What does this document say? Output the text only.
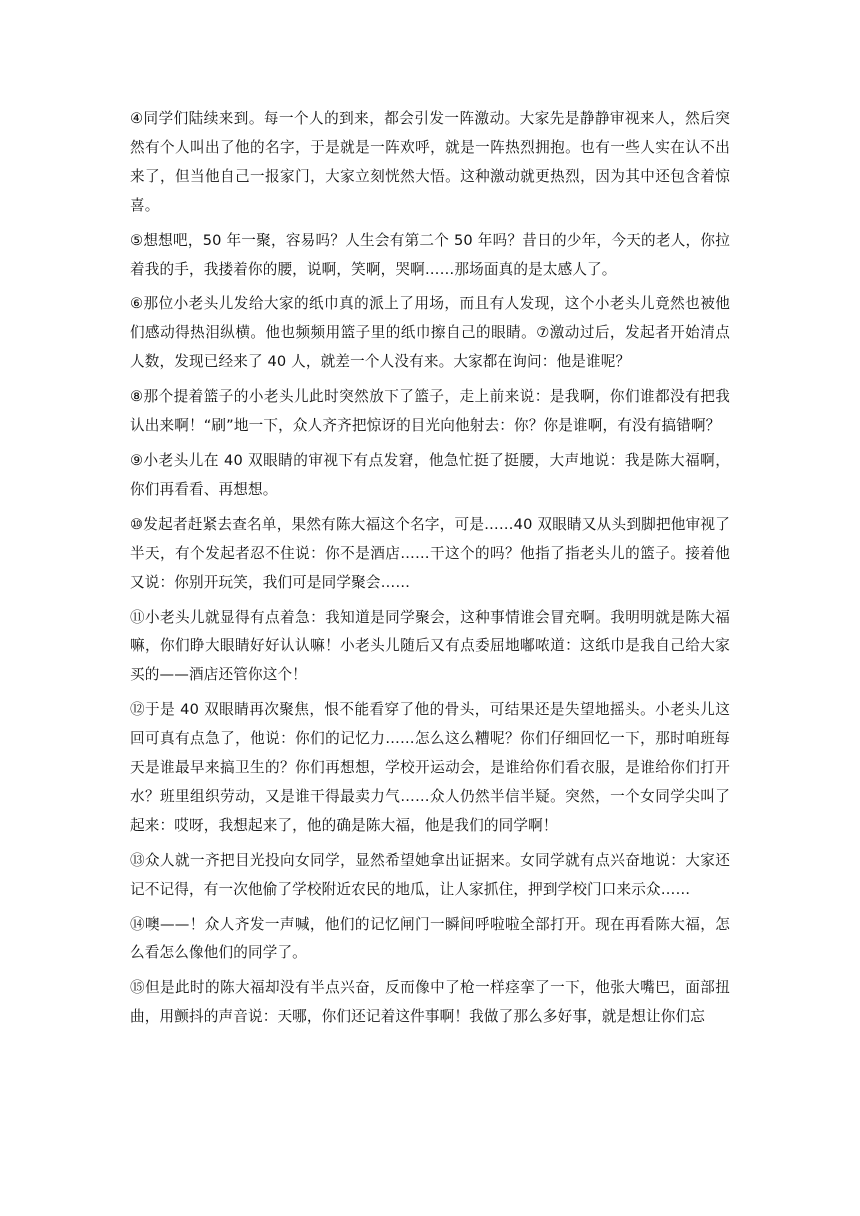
④同学们陆续来到。每一个人的到来，都会引发一阵激动。大家先是静静审视来人，然后突然有个人叫出了他的名字，于是就是一阵欢呼，就是一阵热烈拥抱。也有一些人实在认不出来了，但当他自己一报家门，大家立刻恍然大悟。这种激动就更热烈，因为其中还包含着惊喜。

⑤想想吧，50 年一聚，容易吗？人生会有第二个 50 年吗？昔日的少年，今天的老人，你拉着我的手，我搂着你的腰，说啊，笑啊，哭啊……那场面真的是太感人了。

⑥那位小老头儿发给大家的纸巾真的派上了用场，而且有人发现，这个小老头儿竟然也被他们感动得热泪纵横。他也频频用篮子里的纸巾擦自己的眼睛。⑦激动过后，发起者开始清点人数，发现已经来了 40 人，就差一个人没有来。大家都在询问：他是谁呢？

⑧那个提着篮子的小老头儿此时突然放下了篮子，走上前来说：是我啊，你们谁都没有把我认出来啊！“刷”地一下，众人齐齐把惊讶的目光向他射去：你？你是谁啊，有没有搞错啊？

⑨小老头儿在 40 双眼睛的审视下有点发窘，他急忙挺了挺腰，大声地说：我是陈大福啊，你们再看看、再想想。

⑩发起者赶紧去查名单，果然有陈大福这个名字，可是……40 双眼睛又从头到脚把他审视了半天，有个发起者忍不住说：你不是酒店……干这个的吗？他指了指老头儿的篮子。接着他又说：你别开玩笑，我们可是同学聚会……

⑪小老头儿就显得有点着急：我知道是同学聚会，这种事情谁会冒充啊。我明明就是陈大福嘛，你们睁大眼睛好好认认嘛！小老头儿随后又有点委屈地嘟哝道：这纸巾是我自己给大家买的——酒店还管你这个！

⑫于是 40 双眼睛再次聚焦，恨不能看穿了他的骨头，可结果还是失望地摇头。小老头儿这回可真有点急了，他说：你们的记忆力……怎么这么糟呢？你们仔细回忆一下，那时咱班每天是谁最早来搞卫生的？你们再想想，学校开运动会，是谁给你们看衣服，是谁给你们打开水？班里组织劳动，又是谁干得最卖力气……众人仍然半信半疑。突然，一个女同学尖叫了起来：哎呀，我想起来了，他的确是陈大福，他是我们的同学啊！

⑬众人就一齐把目光投向女同学，显然希望她拿出证据来。女同学就有点兴奋地说：大家还记不记得，有一次他偷了学校附近农民的地瓜，让人家抓住，押到学校门口来示众……

⑭噢——！众人齐发一声喊，他们的记忆闸门一瞬间呼啦啦全部打开。现在再看陈大福，怎么看怎么像他们的同学了。

⑮但是此时的陈大福却没有半点兴奋，反而像中了枪一样痉挛了一下，他张大嘴巴，面部扭曲，用颤抖的声音说：天哪，你们还记着这件事啊！我做了那么多好事，就是想让你们忘
